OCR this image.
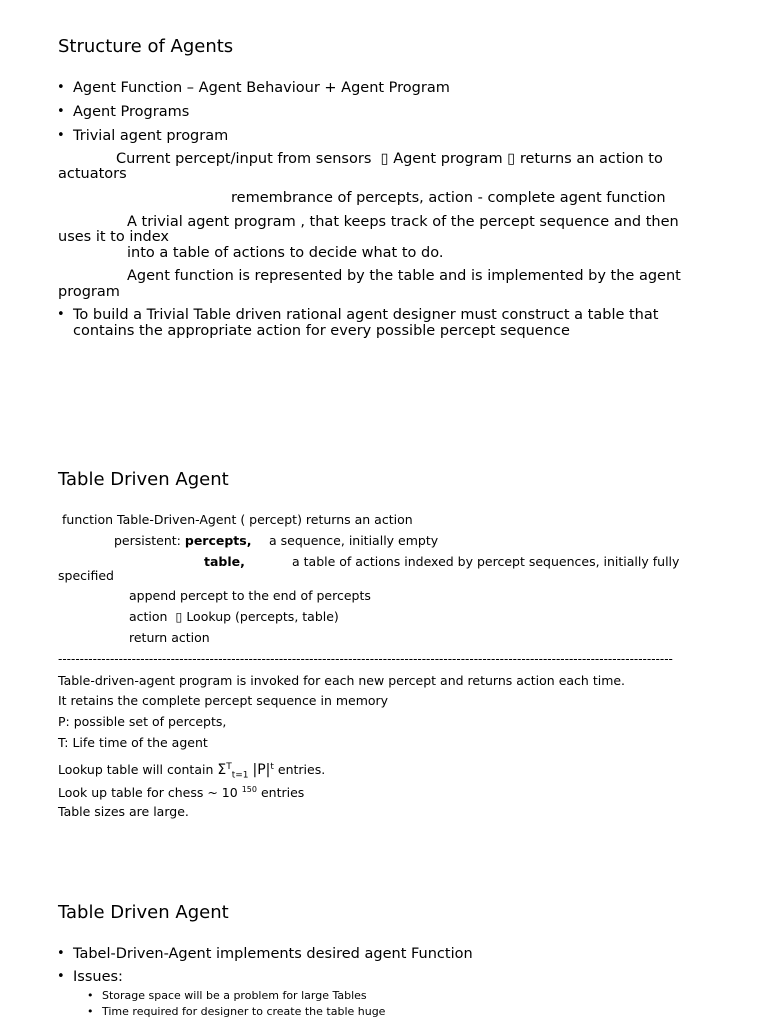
Structure of Agents
• Agent Function – Agent Behaviour + Agent Program
• Agent Programs
• Trivial agent program
Current percept/input from sensors ▯ Agent program ▯ returns an action to
actuators
remembrance of percepts, action - complete agent function
A trivial agent program , that keeps track of the percept sequence and then
uses it to index
into a table of actions to decide what to do.
Agent function is represented by the table and is implemented by the agent
program
• To build a Trivial Table driven rational agent designer must construct a table that
contains the appropriate action for every possible percept sequence
Table Driven Agent
function Table-Driven-Agent ( percept) returns an action
persistent: percepts, a sequence, initially empty
table,	a table of actions indexed by percept sequences, initially fully
specified
append percept to the end of percepts
action ▯ Lookup (percepts, table)
return action
----------------------------------------------------------------------------------------------------------------------------------------------
Table-driven-agent program is invoked for each new percept and returns action each time.
It retains the complete percept sequence in memory
P: possible set of percepts,
T: Life time of the agent
Lookup table will contain $\Sigma^T_{t=1}$ $|P|^t$ entries.
Look up table for chess ~ 10 $^{150}$ entries
Table sizes are large.
Table Driven Agent
• Tabel-Driven-Agent implements desired agent Function
• Issues:
• Storage space will be a problem for large Tables
• Time required for designer to create the table huge
